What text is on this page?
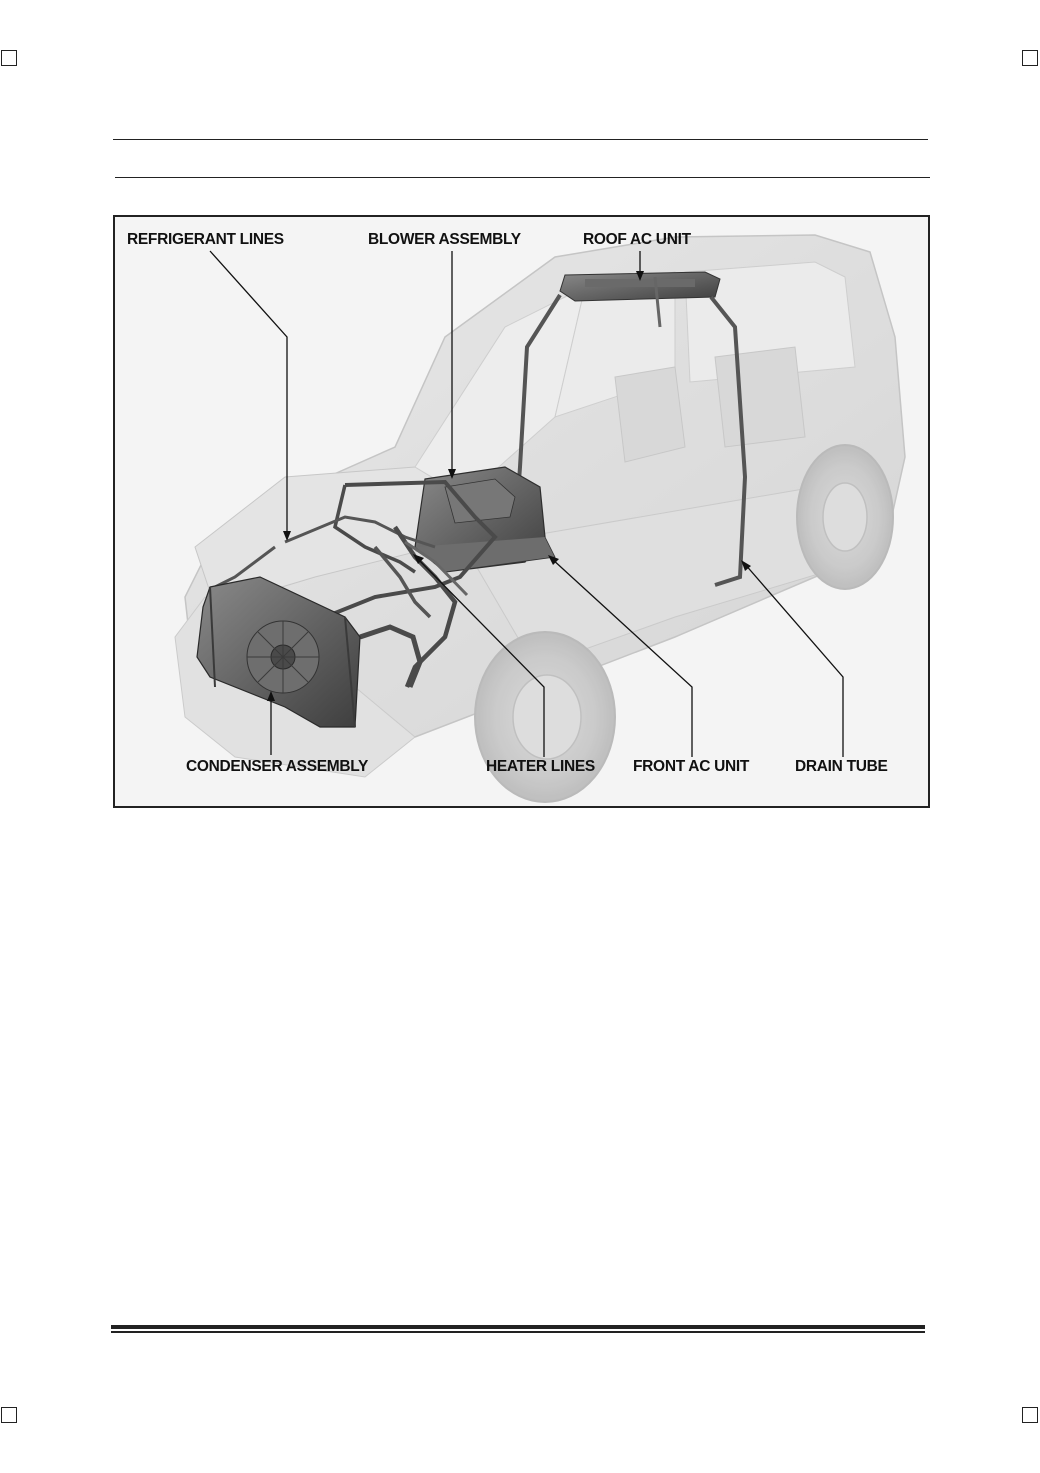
REFRIGERANT LINES	BLOWER ASSEMBLY	ROOF AC UNIT
CONDENSER ASSEMBLY	HEATER LINES FRONT AC UNIT	DRAIN TUBE
